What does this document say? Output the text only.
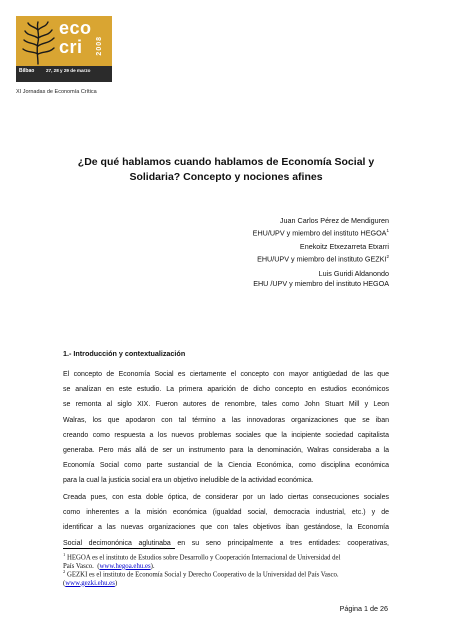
eco
cri 2008
Bilbao	27, 28 y 29 de marzo
XI Jornadas de Economía Crítica
¿De qué hablamos cuando hablamos de Economía Social y
Solidaria? Concepto y nociones afines
Juan Carlos Pérez de Mendiguren
EHU/UPV y miembro del instituto HEGOA$^1$
Enekoitz Etxezarreta Etxarri
EHU/UPV y miembro del instituto GEZKI$^2$
Luis Guridi Aldanondo
EHU /UPV y miembro del instituto HEGOA
1.- Introducción y contextualización
El concepto de Economía Social es ciertamente el concepto con mayor antigüedad de las que
se analizan en este estudio. La primera aparición de dicho concepto en estudios económicos
se remonta al siglo XIX. Fueron autores de renombre, tales como John Stuart Mill y Leon
Walras, los que apodaron con tal término a las innovadoras organizaciones que se iban
creando como respuesta a los nuevos problemas sociales que la incipiente sociedad capitalista
generaba. Pero más allá de ser un instrumento para la denominación, Walras consideraba a la
Economía Social como parte sustancial de la Ciencia Económica, como disciplina económica
para la cual la justicia social era un objetivo ineludible de la actividad económica.
Creada pues, con esta doble óptica, de considerar por un lado ciertas consecuciones sociales
como inherentes a la misión económica (igualdad social, democracia industrial, etc.) y de
identificar a las nuevas organizaciones que con tales objetivos iban gestándose, la Economía
Social decimonónica aglutinaba en su seno principalmente a tres entidades: cooperativas,
$^1$ HEGOA es el instituto de Estudios sobre Desarrollo y Cooperación Internacional de Universidad del
País Vasco. (www.hegoa.ehu.es).
$^2$ GEZKI es el instituto de Economía Social y Derecho Cooperativo de la Universidad del País Vasco.
(www.gezki.ehu.es)
Página 1 de 26
